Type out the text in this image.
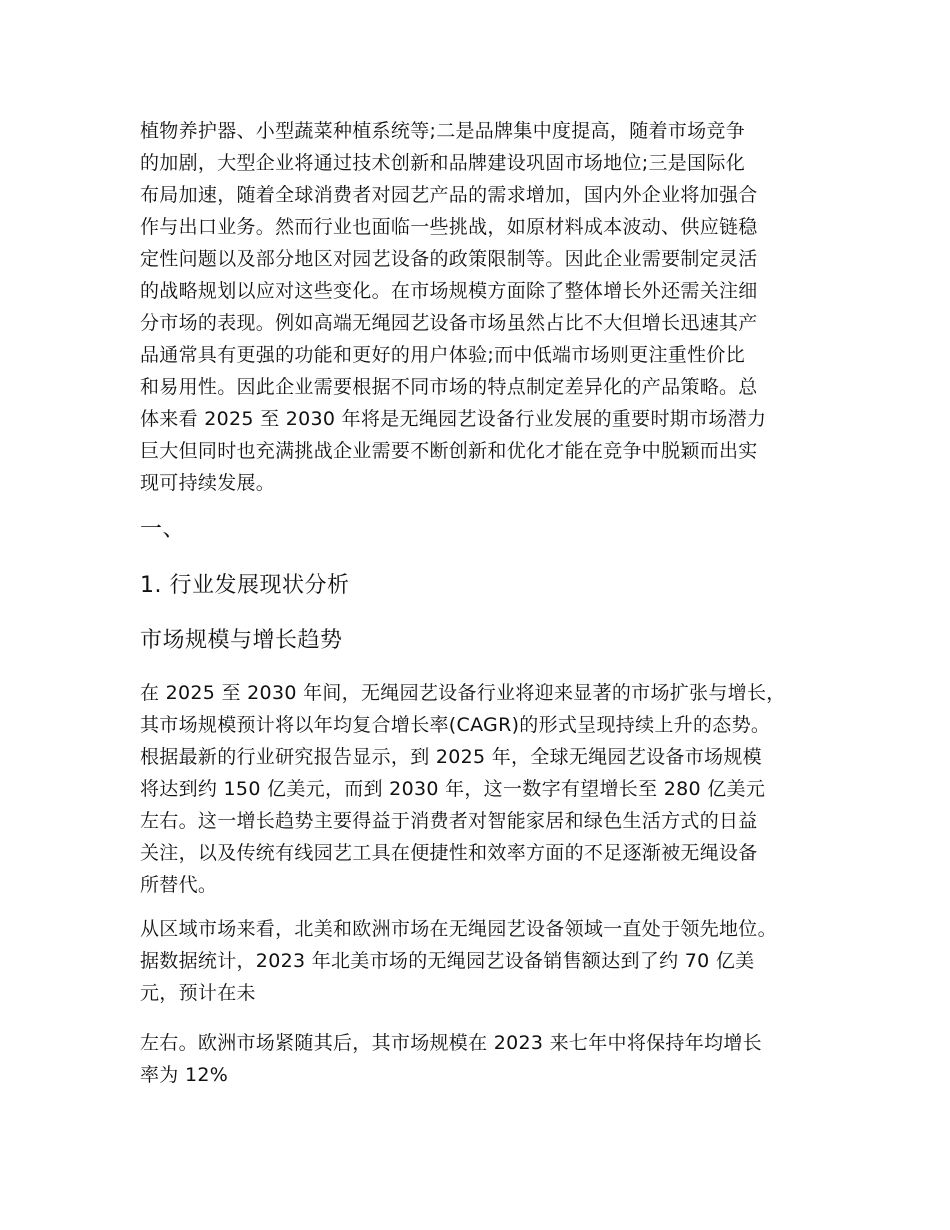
植物养护器、小型蔬菜种植系统等;二是品牌集中度提高，随着市场竞争
的加剧，大型企业将通过技术创新和品牌建设巩固市场地位;三是国际化
布局加速，随着全球消费者对园艺产品的需求增加，国内外企业将加强合
作与出口业务。然而行业也面临一些挑战，如原材料成本波动、供应链稳
定性问题以及部分地区对园艺设备的政策限制等。因此企业需要制定灵活
的战略规划以应对这些变化。在市场规模方面除了整体增长外还需关注细
分市场的表现。例如高端无绳园艺设备市场虽然占比不大但增长迅速其产
品通常具有更强的功能和更好的用户体验;而中低端市场则更注重性价比
和易用性。因此企业需要根据不同市场的特点制定差异化的产品策略。总
体来看 2025 至 2030 年将是无绳园艺设备行业发展的重要时期市场潜力
巨大但同时也充满挑战企业需要不断创新和优化才能在竞争中脱颖而出实
现可持续发展。
一、
1. 行业发展现状分析
市场规模与增长趋势
在 2025 至 2030 年间，无绳园艺设备行业将迎来显著的市场扩张与增长，
其市场规模预计将以年均复合增长率(CAGR)的形式呈现持续上升的态势。
根据最新的行业研究报告显示，到 2025 年，全球无绳园艺设备市场规模
将达到约 150 亿美元，而到 2030 年，这一数字有望增长至 280 亿美元
左右。这一增长趋势主要得益于消费者对智能家居和绿色生活方式的日益
关注，以及传统有线园艺工具在便捷性和效率方面的不足逐渐被无绳设备
所替代。
从区域市场来看，北美和欧洲市场在无绳园艺设备领域一直处于领先地位。
据数据统计，2023 年北美市场的无绳园艺设备销售额达到了约 70 亿美
元，预计在未
左右。欧洲市场紧随其后，其市场规模在 2023 来七年中将保持年均增长
率为 12%
